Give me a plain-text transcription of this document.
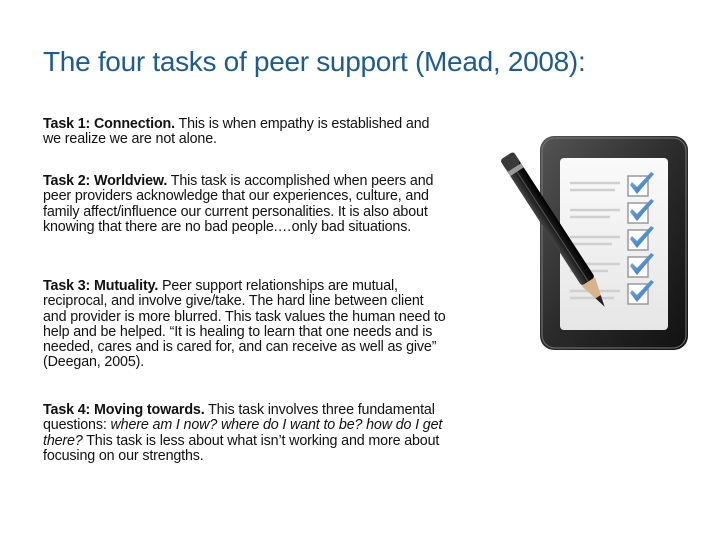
The four tasks of peer support (Mead, 2008):

Task 1: Connection. This is when empathy is established and we realize we are not alone.

Task 2: Worldview. This task is accomplished when peers and peer providers acknowledge that our experiences, culture, and family affect/influence our current personalities. It is also about knowing that there are no bad people.…only bad situations.

Task 3: Mutuality. Peer support relationships are mutual, reciprocal, and involve give/take. The hard line between client and provider is more blurred. This task values the human need to help and be helped. “It is healing to learn that one needs and is needed, cares and is cared for, and can receive as well as give” (Deegan, 2005).

Task 4: Moving towards. This task involves three fundamental questions: where am I now? where do I want to be? how do I get there? This task is less about what isn’t working and more about focusing on our strengths.
